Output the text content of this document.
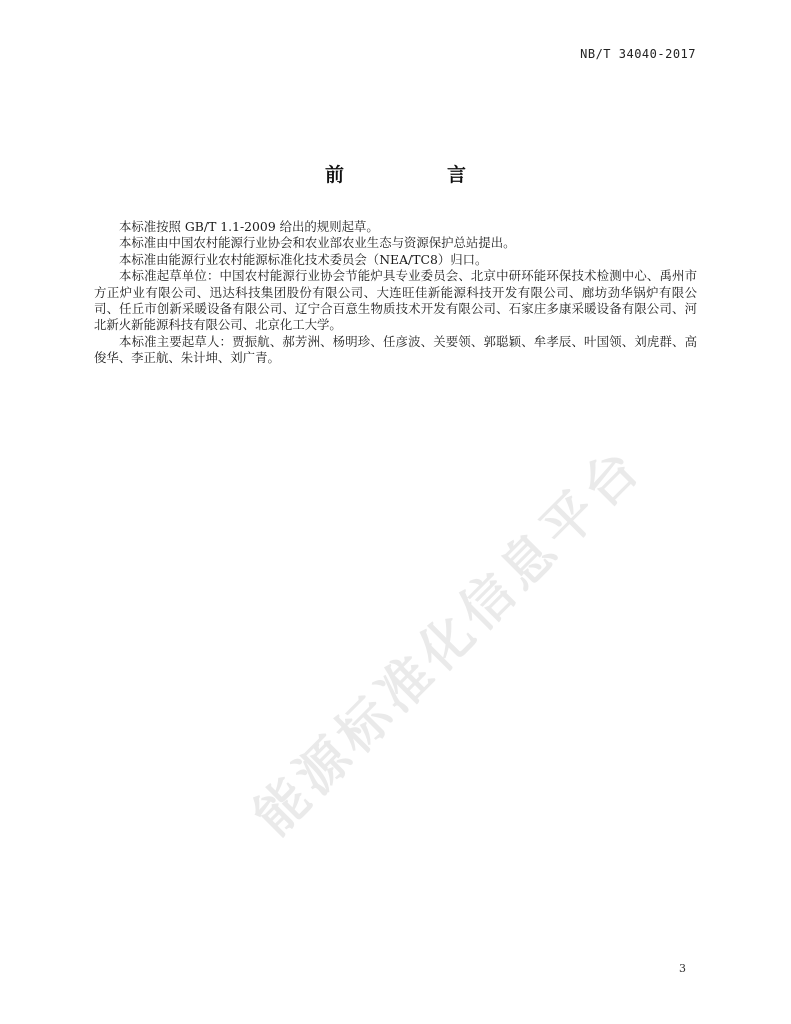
NB/T 34040-2017
前　言

本标准按照 GB/T 1.1-2009 给出的规则起草。

本标准由中国农村能源行业协会和农业部农业生态与资源保护总站提出。

本标准由能源行业农村能源标准化技术委员会（NEA/TC8）归口。

本标准起草单位：中国农村能源行业协会节能炉具专业委员会、北京中研环能环保技术检测中心、禹州市方正炉业有限公司、迅达科技集团股份有限公司、大连旺佳新能源科技开发有限公司、廊坊劲华锅炉有限公司、任丘市创新采暖设备有限公司、辽宁合百意生物质技术开发有限公司、石家庄多康采暖设备有限公司、河北新火新能源科技有限公司、北京化工大学。

本标准主要起草人：贾振航、郝芳洲、杨明珍、任彦波、关要领、郭聪颖、牟孝辰、叶国领、刘虎群、高俊华、李正航、朱计坤、刘广青。

能源标准化信息平台
3
